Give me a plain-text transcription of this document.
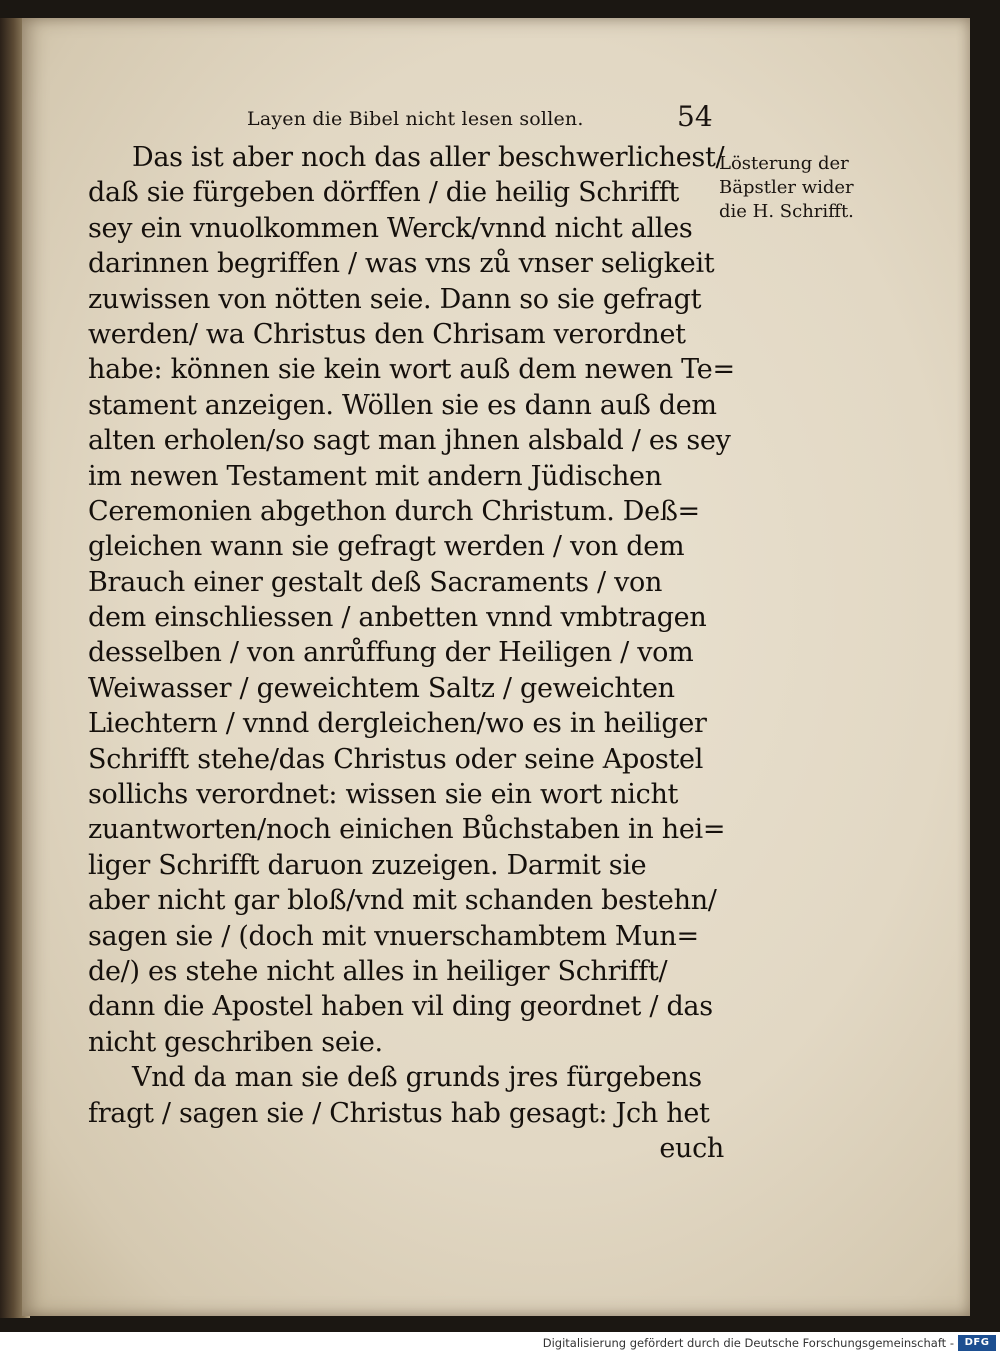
Layen die Bibel nicht lesen sollen.	54
Lösterung der
Bäpstler wider
die H. Schrifft.
Das ist aber noch das aller beschwerlichest/
daß sie fürgeben dörffen / die heilig Schrifft
sey ein vnuolkommen Werck/vnnd nicht alles
darinnen begriffen / was vns zů vnser seligkeit
zuwissen von nötten seie. Dann so sie gefragt
werden/ wa Christus den Chrisam verordnet
habe: können sie kein wort auß dem newen Te=
stament anzeigen. Wöllen sie es dann auß dem
alten erholen/so sagt man jhnen alsbald / es sey
im newen Testament mit andern Jüdischen
Ceremonien abgethon durch Christum. Deß=
gleichen wann sie gefragt werden / von dem
Brauch einer gestalt deß Sacraments / von
dem einschliessen / anbetten vnnd vmbtragen
desselben / von anrůffung der Heiligen / vom
Weiwasser / geweichtem Saltz / geweichten
Liechtern / vnnd dergleichen/wo es in heiliger
Schrifft stehe/das Christus oder seine Apostel
sollichs verordnet: wissen sie ein wort nicht
zuantworten/noch einichen Bůchstaben in hei=
liger Schrifft daruon zuzeigen. Darmit sie
aber nicht gar bloß/vnd mit schanden bestehn/
sagen sie / (doch mit vnuerschambtem Mun=
de/) es stehe nicht alles in heiliger Schrifft/
dann die Apostel haben vil ding geordnet / das
nicht geschriben seie.
Vnd da man sie deß grunds jres fürgebens
fragt / sagen sie / Christus hab gesagt: Jch het
euch
Digitalisierung gefördert durch die Deutsche Forschungsgemeinschaft -	DFG
